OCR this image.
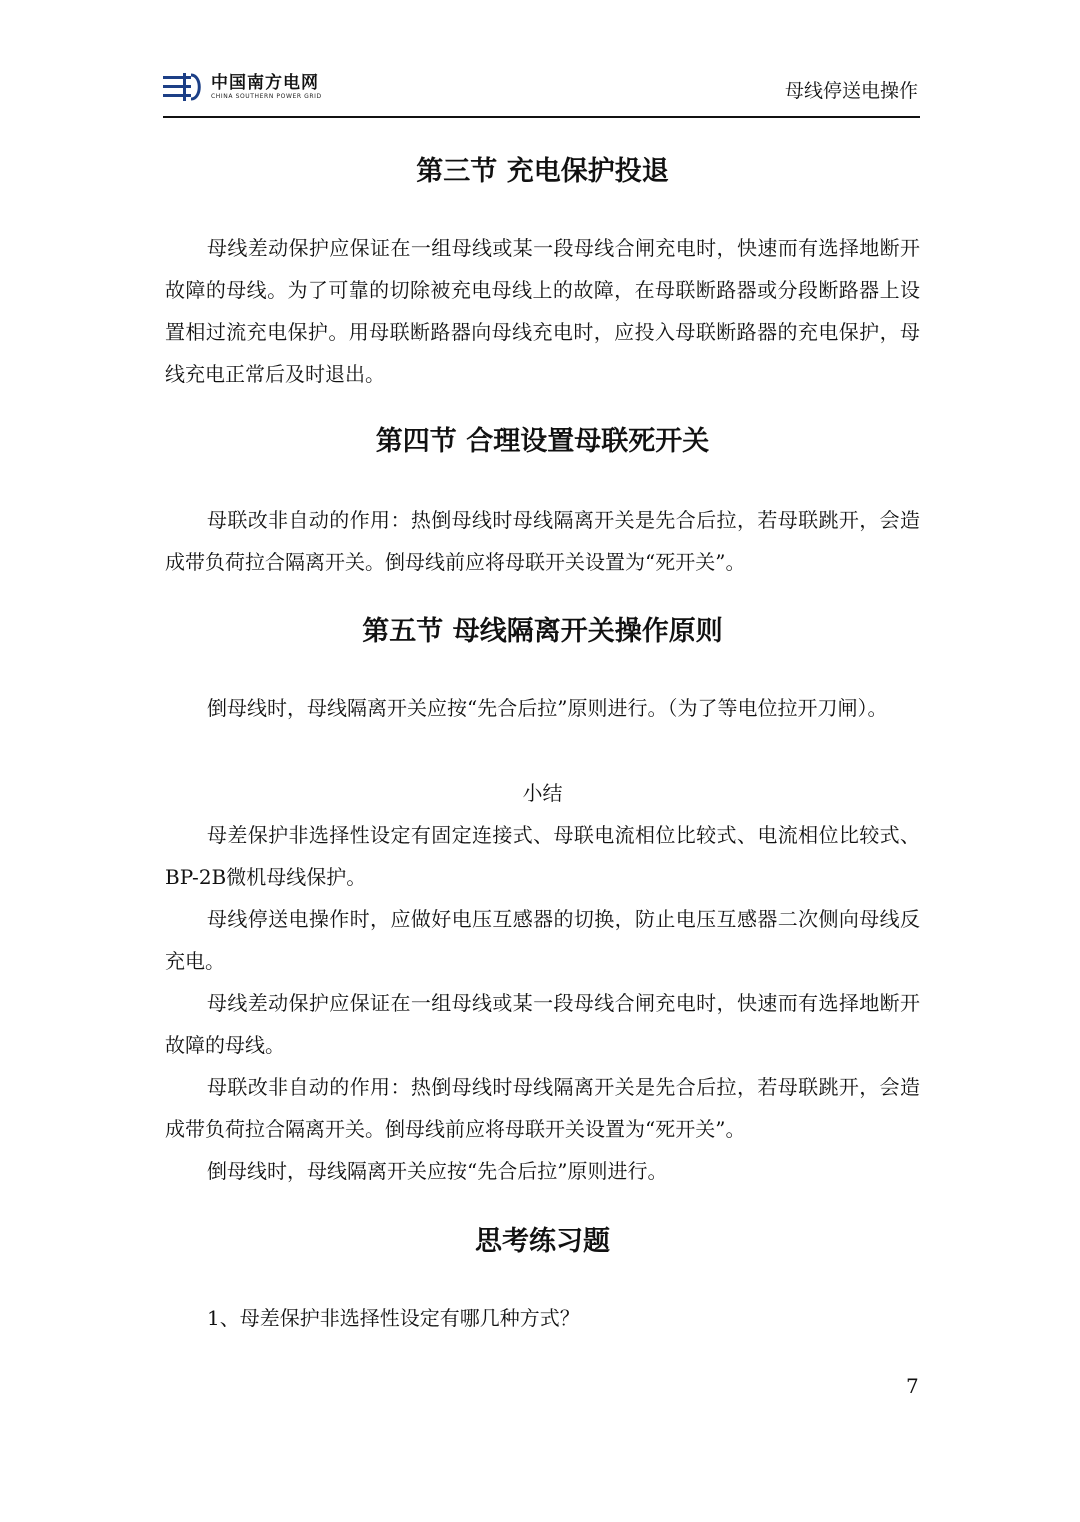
中国南方电网
CHINA SOUTHERN POWER GRID	母线停送电操作
第三节 充电保护投退

母线差动保护应保证在一组母线或某一段母线合闸充电时，快速而有选择地断开故障的母线。为了可靠的切除被充电母线上的故障，在母联断路器或分段断路器上设置相过流充电保护。用母联断路器向母线充电时，应投入母联断路器的充电保护，母线充电正常后及时退出。

第四节 合理设置母联死开关

母联改非自动的作用：热倒母线时母线隔离开关是先合后拉，若母联跳开，会造成带负荷拉合隔离开关。倒母线前应将母联开关设置为“死开关”。

第五节 母线隔离开关操作原则

倒母线时，母线隔离开关应按“先合后拉”原则进行。（为了等电位拉开刀闸）。

小结

母差保护非选择性设定有固定连接式、母联电流相位比较式、电流相位比较式、BP-2B微机母线保护。

母线停送电操作时，应做好电压互感器的切换，防止电压互感器二次侧向母线反充电。

母线差动保护应保证在一组母线或某一段母线合闸充电时，快速而有选择地断开故障的母线。

母联改非自动的作用：热倒母线时母线隔离开关是先合后拉，若母联跳开，会造成带负荷拉合隔离开关。倒母线前应将母联开关设置为“死开关”。

倒母线时，母线隔离开关应按“先合后拉”原则进行。

思考练习题

1、母差保护非选择性设定有哪几种方式？

7
